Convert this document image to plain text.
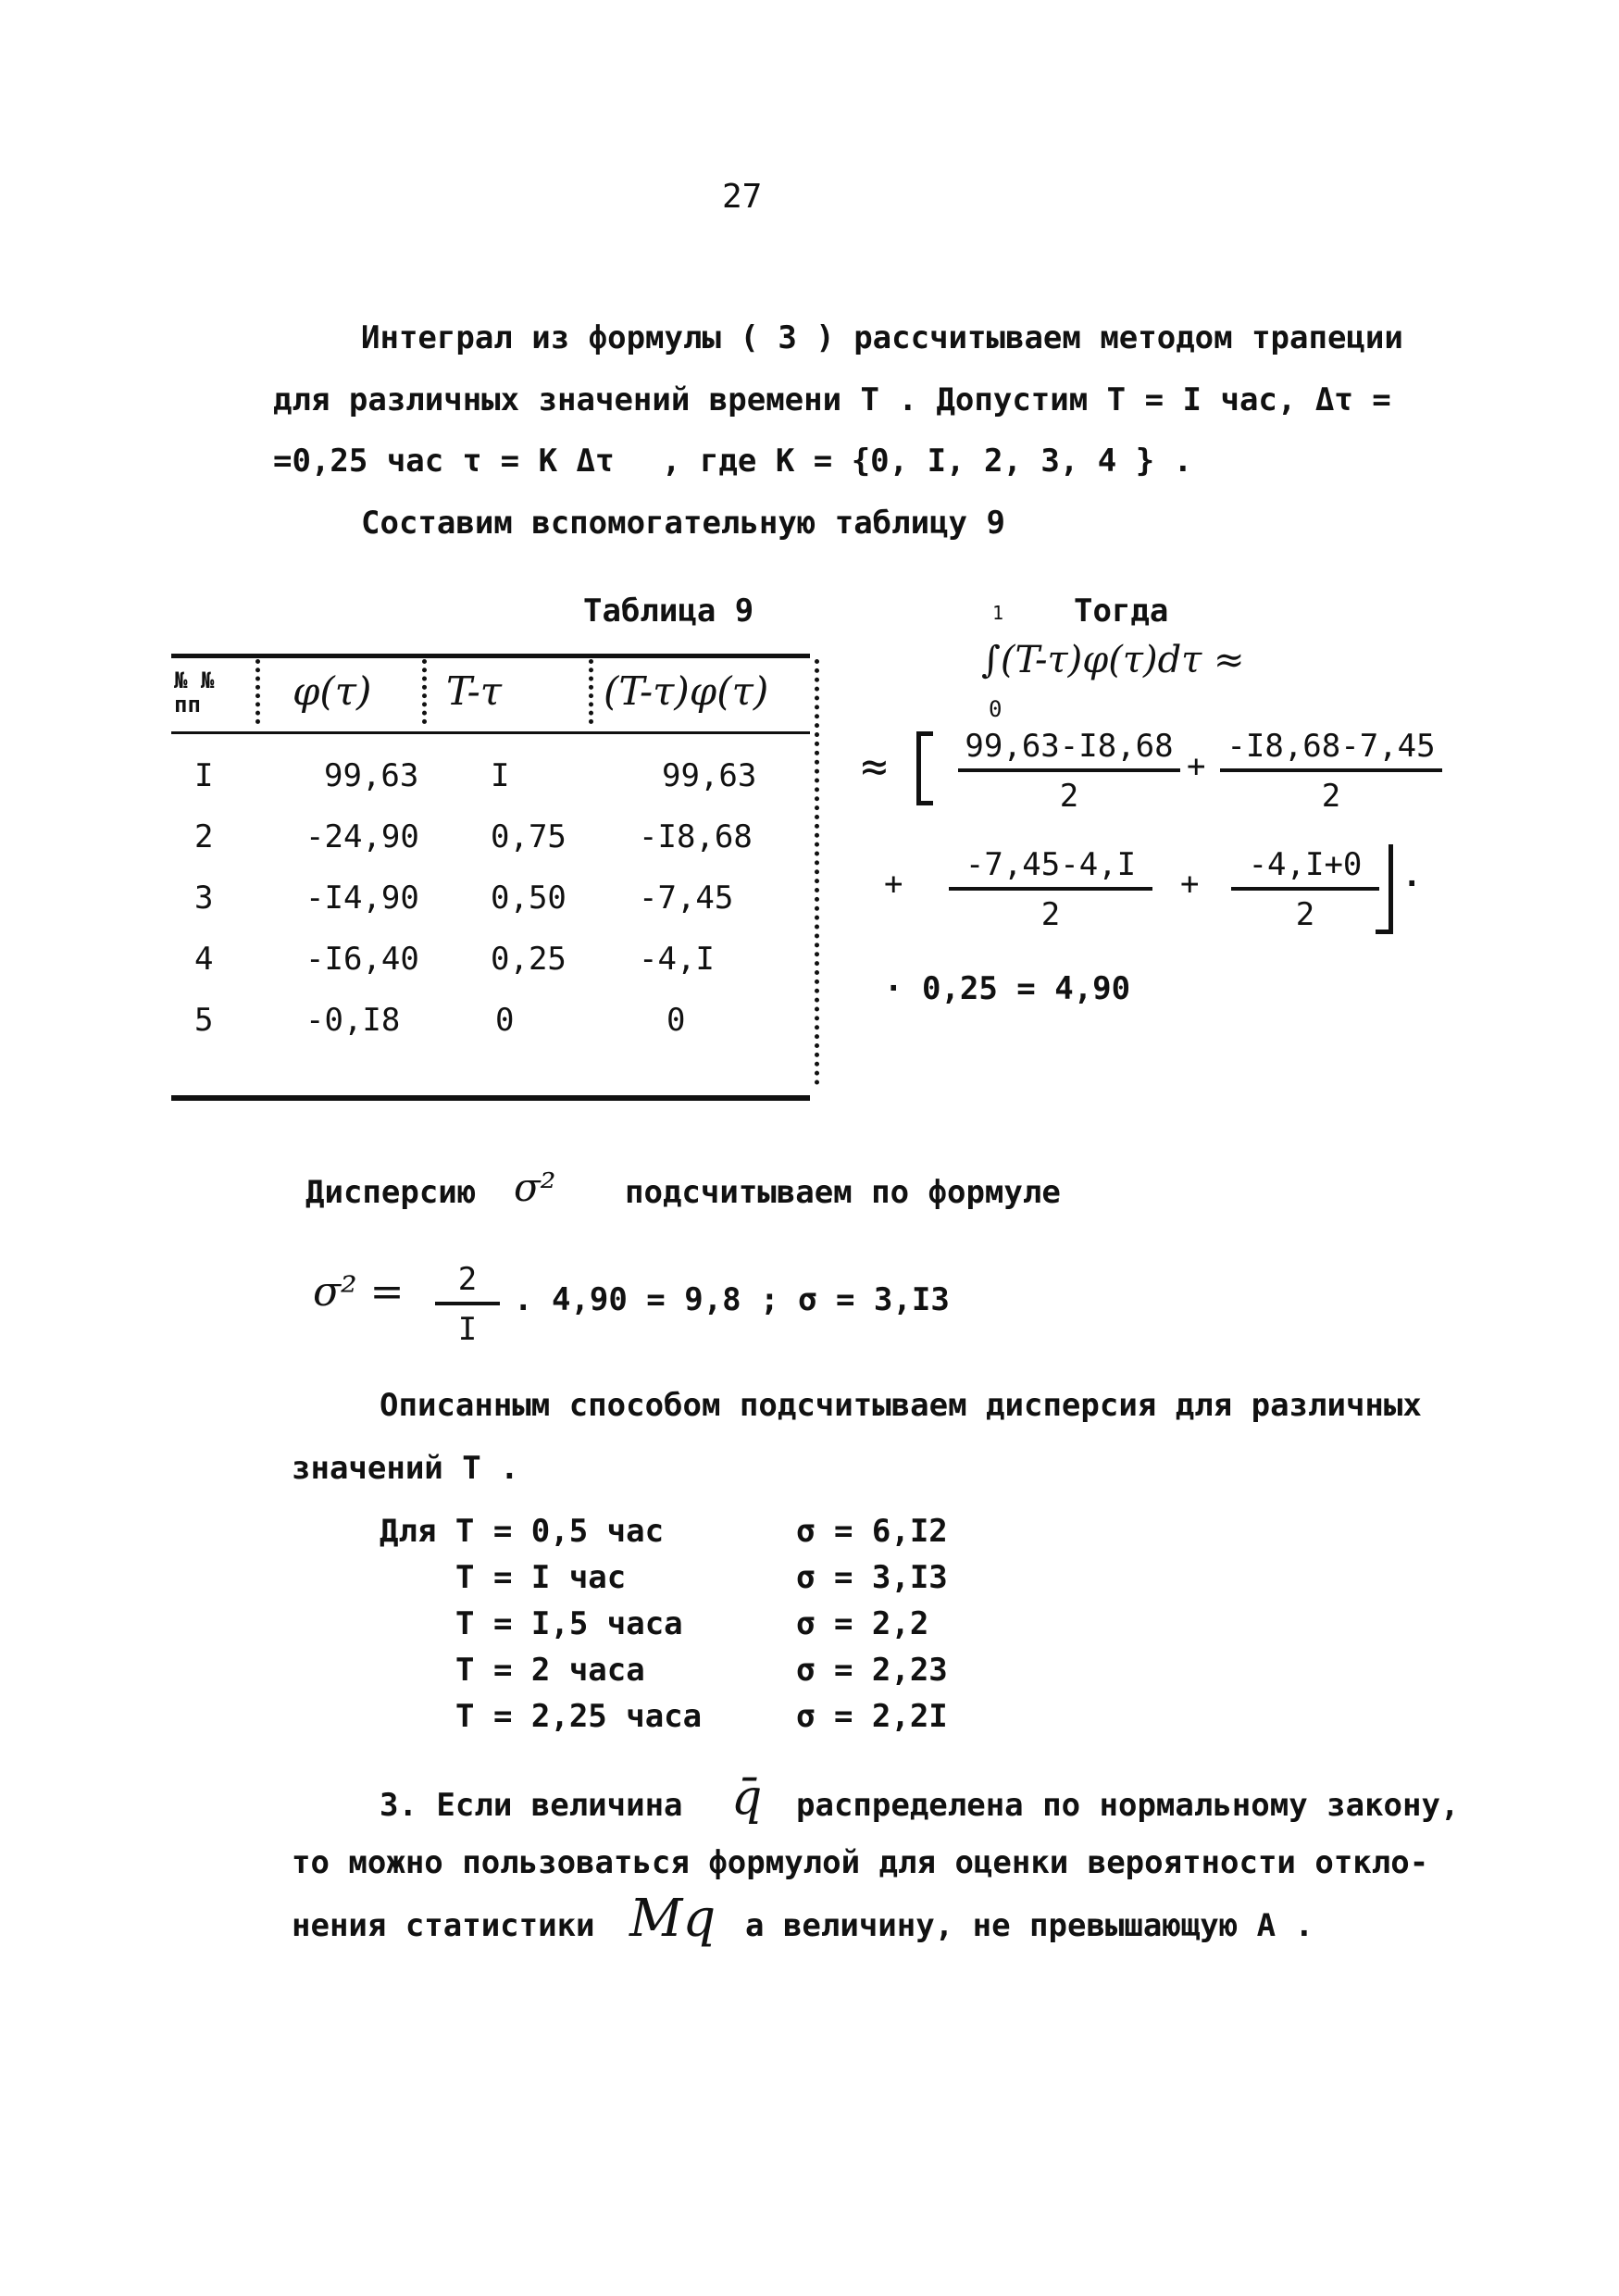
27
Интеграл из формулы ( 3 ) рассчитываем методом трапеции
для различных значений времени T . Допустим T = I час, Δτ =
=0,25 час τ = K Δτ , где K = {0, I, 2, 3, 4 } .
Составим вспомогательную таблицу 9
Таблица 9
№ №
пп	φ(τ) T-τ	(T-τ)φ(τ)
I	99,63 I	99,63
2	-24,90 0,75 -I8,68
3	-I4,90 0,50 -7,45
4	-I6,40 0,25 -4,I
5	-0,I8	0	0
Тогда
1
0
∫(T-τ)φ(τ)dτ ≈
≈ $\frac{99,63-I8,68}{2} + \frac{-I8,68-7,45}{2}$
+ $\frac{-7,45-4,I}{2} + \frac{-4,I+0}{2}$ ·
· 0,25 = 4,90
Дисперсию σ² подсчитываем по формуле
$\sigma^2 = \frac{2}{I}$ . 4,90 = 9,8 ; σ = 3,I3
Описанным способом подсчитываем дисперсия для различных
значений T .
Для T = 0,5 час	σ = 6,I2
T = I час	σ = 3,I3
T = I,5 часа	σ = 2,2
T = 2 часа	σ = 2,23
T = 2,25 часа	σ = 2,2I
3. Если величина q̄ распределена по нормальному закону,
то можно пользоваться формулой для оценки вероятности откло-
нения статистики Mq а величину, не превышающую A .
